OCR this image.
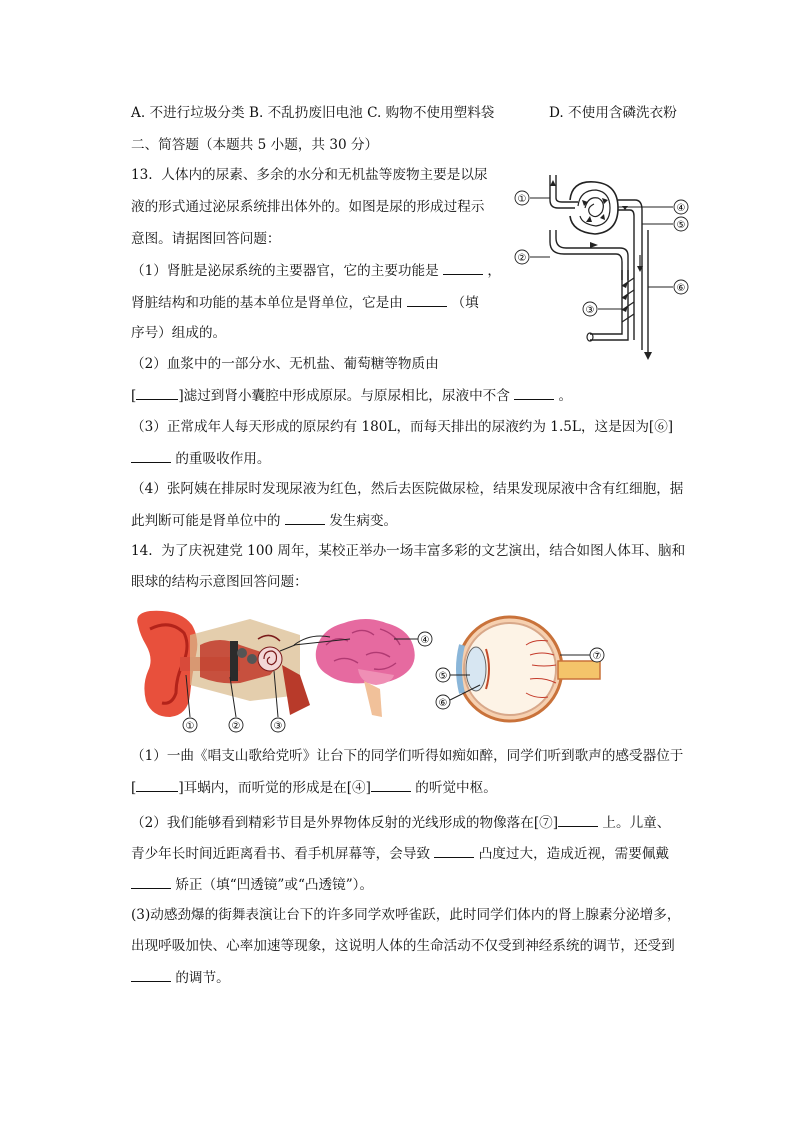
A. 不进行垃圾分类 B. 不乱扔废旧电池 C. 购物不使用塑料袋	D. 不使用含磷洗衣粉
二、简答题（本题共 5 小题，共 30 分）
13. 人体内的尿素、多余的水分和无机盐等废物主要是以尿
液的形式通过泌尿系统排出体外的。如图是尿的形成过程示
意图。请据图回答问题：
（1）肾脏是泌尿系统的主要器官，它的主要功能是	，
肾脏结构和功能的基本单位是肾单位，它是由	（填
序号）组成的。
（2）血浆中的一部分水、无机盐、葡萄糖等物质由
[	]滤过到肾小囊腔中形成原尿。与原尿相比，尿液中不含	。
（3）正常成年人每天形成的原尿约有 180L，而每天排出的尿液约为 1.5L，这是因为[⑥]
的重吸收作用。
（4）张阿姨在排尿时发现尿液为红色，然后去医院做尿检，结果发现尿液中含有红细胞，据
此判断可能是肾单位中的	发生病变。
①
②
③
④
⑤
⑥
14. 为了庆祝建党 100 周年，某校正举办一场丰富多彩的文艺演出，结合如图人体耳、脑和
眼球的结构示意图回答问题：
①	②	③
④
⑤
⑥
⑦
（1）一曲《唱支山歌给党听》让台下的同学们听得如痴如醉，同学们听到歌声的感受器位于
[	]耳蜗内，而听觉的形成是在[④]	的听觉中枢。
（2）我们能够看到精彩节目是外界物体反射的光线形成的物像落在[⑦]	上。儿童、
青少年长时间近距离看书、看手机屏幕等，会导致	凸度过大，造成近视，需要佩戴
矫正（填“凹透镜”或“凸透镜”）。
(3)动感劲爆的街舞表演让台下的许多同学欢呼雀跃，此时同学们体内的肾上腺素分泌增多，
出现呼吸加快、心率加速等现象，这说明人体的生命活动不仅受到神经系统的调节，还受到
的调节。
